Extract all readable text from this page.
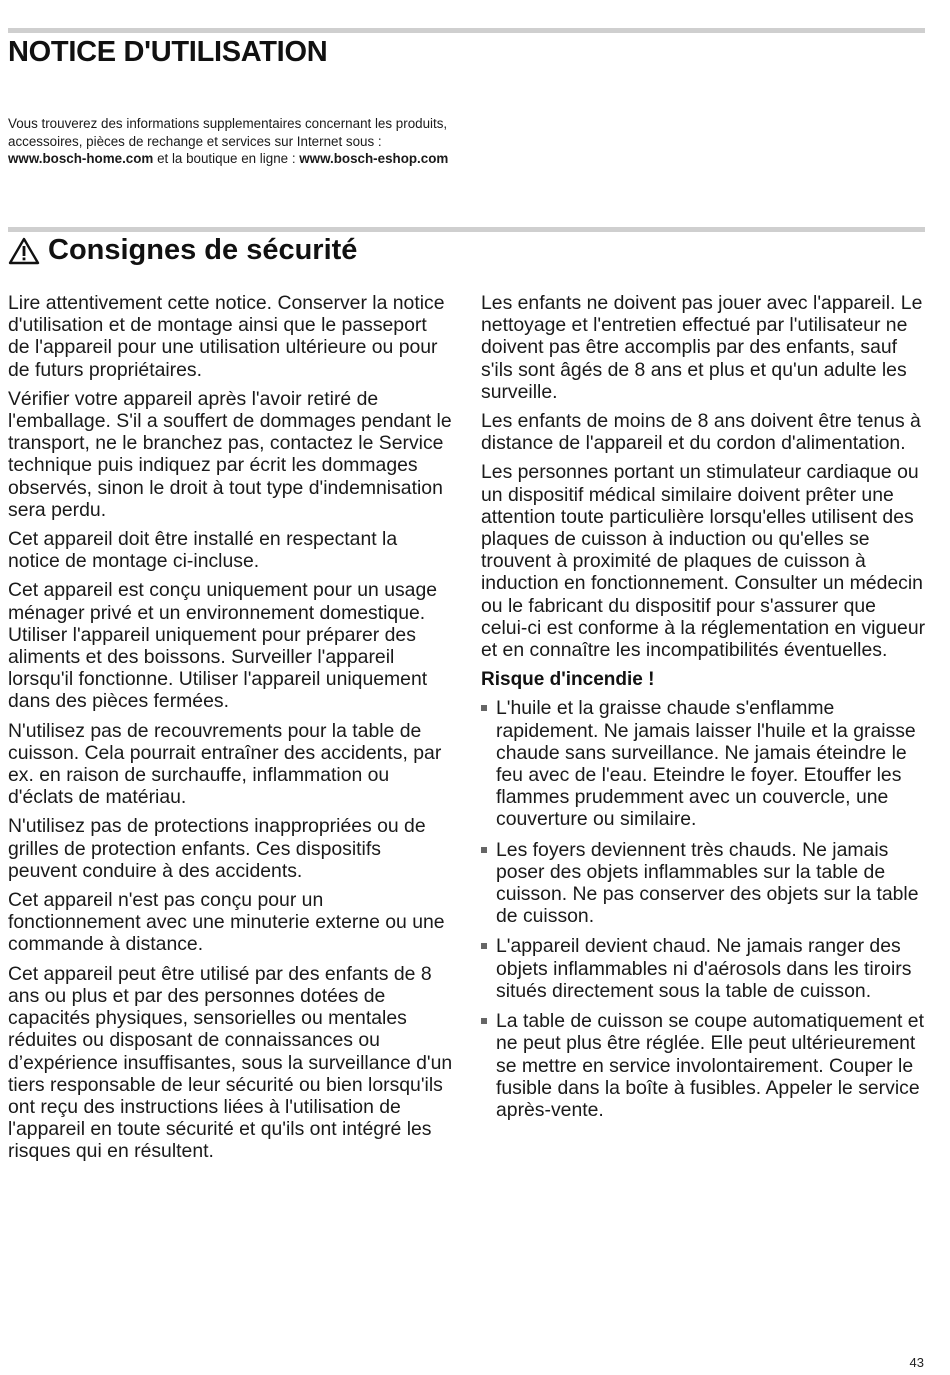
NOTICE D'UTILISATION

Vous trouverez des informations supplementaires concernant les produits, accessoires, pièces de rechange et services sur Internet sous : www.bosch-home.com et la boutique en ligne : www.bosch-eshop.com

Consignes de sécurité

Lire attentivement cette notice. Conserver la notice d'utilisation et de montage ainsi que le passeport de l'appareil pour une utilisation ultérieure ou pour de futurs propriétaires.

Vérifier votre appareil après l'avoir retiré de l'emballage. S'il a souffert de dommages pendant le transport, ne le branchez pas, contactez le Service technique puis indiquez par écrit les dommages observés, sinon le droit à tout type d'indemnisation sera perdu.

Cet appareil doit être installé en respectant la notice de montage ci-incluse.

Cet appareil est conçu uniquement pour un usage ménager privé et un environnement domestique. Utiliser l'appareil uniquement pour préparer des aliments et des boissons. Surveiller l'appareil lorsqu'il fonctionne. Utiliser l'appareil uniquement dans des pièces fermées.

N'utilisez pas de recouvrements pour la table de cuisson. Cela pourrait entraîner des accidents, par ex. en raison de surchauffe, inflammation ou d'éclats de matériau.

N'utilisez pas de protections inappropriées ou de grilles de protection enfants. Ces dispositifs peuvent conduire à des accidents.

Cet appareil n'est pas conçu pour un fonctionnement avec une minuterie externe ou une commande à distance.

Cet appareil peut être utilisé par des enfants de 8 ans ou plus et par des personnes dotées de capacités physiques, sensorielles ou mentales réduites ou disposant de connaissances ou d’expérience insuffisantes, sous la surveillance d'un tiers responsable de leur sécurité ou bien lorsqu'ils ont reçu des instructions liées à l'utilisation de l'appareil en toute sécurité et qu'ils ont intégré les risques qui en résultent.

Les enfants ne doivent pas jouer avec l'appareil. Le nettoyage et l'entretien effectué par l'utilisateur ne doivent pas être accomplis par des enfants, sauf s'ils sont âgés de 8 ans et plus et qu'un adulte les surveille.

Les enfants de moins de 8 ans doivent être tenus à distance de l'appareil et du cordon d'alimentation.

Les personnes portant un stimulateur cardiaque ou un dispositif médical similaire doivent prêter une attention toute particulière lorsqu'elles utilisent des plaques de cuisson à induction ou qu'elles se trouvent à proximité de plaques de cuisson à induction en fonctionnement. Consulter un médecin ou le fabricant du dispositif pour s'assurer que celui-ci est conforme à la réglementation en vigueur et en connaître les incompatibilités éventuelles.

Risque d'incendie !
L'huile et la graisse chaude s'enflamme rapidement. Ne jamais laisser l'huile et la graisse chaude sans surveillance. Ne jamais éteindre le feu avec de l'eau. Eteindre le foyer. Etouffer les flammes prudemment avec un couvercle, une couverture ou similaire.
Les foyers deviennent très chauds. Ne jamais poser des objets inflammables sur la table de cuisson. Ne pas conserver des objets sur la table de cuisson.
L'appareil devient chaud. Ne jamais ranger des objets inflammables ni d'aérosols dans les tiroirs situés directement sous la table de cuisson.
La table de cuisson se coupe automatiquement et ne peut plus être réglée. Elle peut ultérieurement se mettre en service involontairement. Couper le fusible dans la boîte à fusibles. Appeler le service après-vente.
43
